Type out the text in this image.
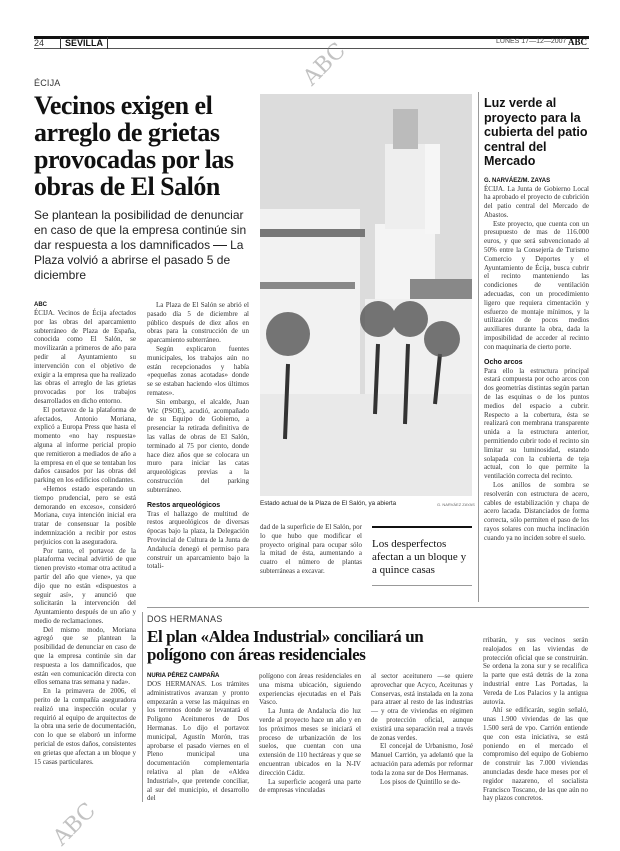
24	SEVILLA	LUNES 17—12—2007 ABC
ÉCIJA
Vecinos exigen el arreglo de grietas provocadas por las obras de El Salón
Se plantean la posibilidad de denunciar en caso de que la empresa continúe sin dar respuesta a los damnificados La Plaza volvió a abrirse el pasado 5 de diciembre
ABC

ÉCIJA. Vecinos de Écija afectados por las obras del aparcamiento subterráneo de Plaza de España, conocida como El Salón, se movilizarán a primeros de año para pedir al Ayuntamiento su intervención con el objetivo de exigir a la empresa que ha realizado las obras el arreglo de las grietas provocadas por los trabajos desarrollados en dicho entorno.

El portavoz de la plataforma de afectados, Antonio Moriana, explicó a Europa Press que hasta el momento «no hay respuesta» alguna al informe pericial propio que remitieron a mediados de año a la empresa en el que se tentaban los daños causados por las obras del parking en los edificios colindantes.

«Hemos estado esperando un tiempo prudencial, pero se está demorando en exceso», consideró Moriana, cuya intención inicial era tratar de consensuar la posible indemnización a recibir por estos perjuicios con la aseguradora.

Por tanto, el portavoz de la plataforma vecinal advirtió de que tienen previsto «tomar otra actitud a partir del año que viene», ya que dijo que no están «dispuestos a seguir así», y anunció que solicitarán la intervención del Ayuntamiento después de un año y medio de reclamaciones.

Del mismo modo, Moriana agregó que se plantean la posibilidad de denunciar en caso de que la empresa continúe sin dar respuesta a los damnificados, que están «en comunicación directa con ellos semana tras semana y nada».

En la primavera de 2006, el perito de la compañía aseguradora realizó una inspección ocular y requirió al equipo de arquitectos de la obra una serie de documentación, con lo que se elaboró un informe pericial de estos daños, consistentes en grietas que afectan a un bloque y 15 casas particulares.

La Plaza de El Salón se abrió el pasado día 5 de diciembre al público después de diez años en obras para la construcción de un aparcamiento subterráneo.

Según explicaron fuentes municipales, los trabajos aún no están recepcionados y había «pequeñas zonas acotadas» donde se se estaban haciendo «los últimos remates».

Sin embargo, el alcalde, Juan Wic (PSOE), acudió, acompañado de su Equipo de Gobierno, a presenciar la retirada definitiva de las vallas de obras de El Salón, terminado al 75 por ciento, donde hace diez años que se colocara un muro para iniciar las catas arqueológicas previas a la construcción del parking subterráneo.

Restos arqueológicos

Tras el hallazgo de multitud de restos arqueológicos de diversas épocas bajo la plaza, la Delegación Provincial de Cultura de la Junta de Andalucía denegó el permiso para construir un aparcamiento bajo la totali-

Estado actual de la Plaza de El Salón, ya abierta	G. NARVÁEZ ZAYAS

dad de la superficie de El Salón, por lo que hubo que modificar el proyecto original para ocupar sólo la mitad de ésta, aumentando a cuatro el número de plantas subterráneas a excavar.

Los desperfectos afectan a un bloque y a quince casas
Luz verde al proyecto para la cubierta del patio central del Mercado
G. NARVÁEZ/M. ZAYAS

ÉCIJA. La Junta de Gobierno Local ha aprobado el proyecto de cubrición del patio central del Mercado de Abastos.

Este proyecto, que cuenta con un presupuesto de mas de 116.000 euros, y que será subvencionado al 50% entre la Consejería de Turismo Comercio y Deportes y el Ayuntamiento de Écija, busca cubrir el recinto manteniendo las condiciones de ventilación adecuadas, con un procedimiento ligero que requiera cimentación y esfuerzo de montaje mínimos, y la utilización de pocos medios auxiliares durante la obra, dada la imposibilidad de acceder al recinto con maquinaria de cierto porte.

Ocho arcos

Para ello la estructura principal estará compuesta por ocho arcos con dos geometrías distintas según partan de las esquinas o de los puntos medios del espacio a cubrir. Respecto a la cobertura, ésta se realizará con membrana transparente unida a la estructura anterior, permitiendo cubrir todo el recinto sin limitar su luminosidad, estando solapada con la cubierta de teja actual, con lo que permite la ventilación correcta del recinto.

Los anillos de sombra se resolverán con estructura de acero, cables de estabilización y chapa de acero lacada. Distanciados de forma correcta, sólo permiten el paso de los rayos solares con mucha inclinación cuando ya no inciden sobre el suelo.

DOS HERMANAS
El plan «Aldea Industrial» conciliará un polígono con áreas residenciales
NURIA PÉREZ CAMPAÑA

DOS HERMANAS. Los trámites administrativos avanzan y pronto empezarán a verse las máquinas en los terrenos donde se levantará el Polígono Aceituneros de Dos Hermanas. Lo dijo el portavoz municipal, Agustín Morón, tras aprobarse el pasado viernes en el Pleno municipal una documentación complementaria relativa al plan de «Aldea Industrial», que pretende conciliar, al sur del municipio, el desarrollo del

polígono con áreas residenciales en una misma ubicación, siguiendo experiencias ejecutadas en el País Vasco.

La Junta de Andalucía dio luz verde al proyecto hace un año y en los próximos meses se iniciará el proceso de urbanización de los suelos, que cuentan con una extensión de 110 hectáreas y que se encuentran ubicados en la N-IV dirección Cádiz.

La superficie acogerá una parte de empresas vinculadas

al sector aceitunero —se quiere aprovechar que Acyco, Aceitunas y Conservas, está instalada en la zona para atraer al resto de las industrias— y otra de viviendas en régimen de protección oficial, aunque existirá una separación real a través de zonas verdes.

El concejal de Urbanismo, José Manuel Carrión, ya adelantó que la actuación para además por reformar toda la zona sur de Dos Hermanas.

Los pisos de Quintillo se de-

rribarán, y sus vecinos serán realojados en las viviendas de protección oficial que se construirán. Se ordena la zona sur y se recalifica la parte que está detrás de la zona industrial entre Las Portadas, la Vereda de Los Palacios y la antigua autovía.

Ahí se edificarán, según señaló, unas 1.900 viviendas de las que 1.500 será de vpo. Carrión entiende que con esta iniciativa, se está poniendo en el mercado el compromiso del equipo de Gobierno de construir las 7.000 viviendas anunciadas desde hace meses por el regidor nazareno, el socialista Francisco Toscano, de las que aún no hay plazos concretos.

ABC
ABC
